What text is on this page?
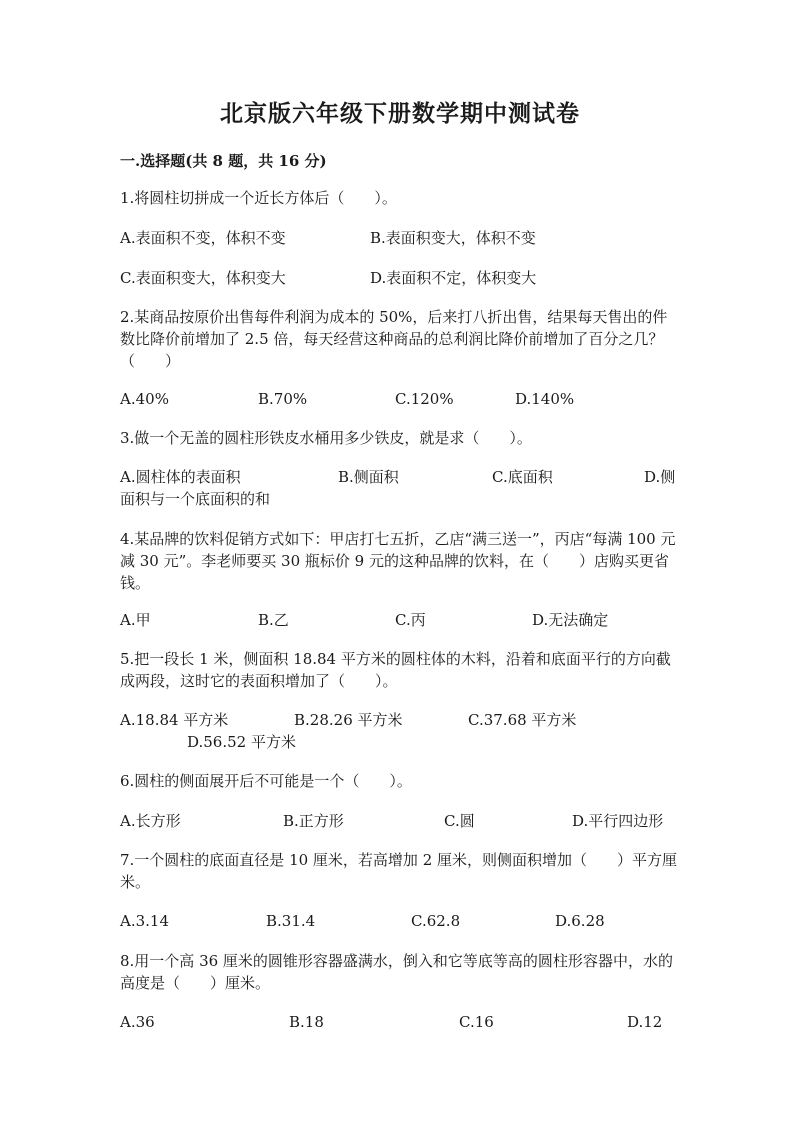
北京版六年级下册数学期中测试卷
一.选择题(共 8 题，共 16 分)
1.将圆柱切拼成一个近长方体后（　　）。
A.表面积不变，体积不变	B.表面积变大，体积不变
C.表面积变大，体积变大	D.表面积不定，体积变大
2.某商品按原价出售每件利润为成本的 50%，后来打八折出售，结果每天售出的件数比降价前增加了 2.5 倍，每天经营这种商品的总利润比降价前增加了百分之几？（　　）
A.40%	B.70%	C.120%	D.140%
3.做一个无盖的圆柱形铁皮水桶用多少铁皮，就是求（　　）。
A.圆柱体的表面积	B.侧面积	C.底面积	D.侧
面积与一个底面积的和
4.某品牌的饮料促销方式如下：甲店打七五折，乙店“满三送一”，丙店“每满 100 元减 30 元”。李老师要买 30 瓶标价 9 元的这种品牌的饮料，在（　　）店购买更省钱。
A.甲	B.乙	C.丙	D.无法确定
5.把一段长 1 米，侧面积 18.84 平方米的圆柱体的木料，沿着和底面平行的方向截成两段，这时它的表面积增加了（　　）。
A.18.84 平方米	B.28.26 平方米	C.37.68 平方米
D.56.52 平方米
6.圆柱的侧面展开后不可能是一个（　　）。
A.长方形	B.正方形	C.圆	D.平行四边形
7.一个圆柱的底面直径是 10 厘米，若高增加 2 厘米，则侧面积增加（　　）平方厘米。
A.3.14	B.31.4	C.62.8	D.6.28
8.用一个高 36 厘米的圆锥形容器盛满水，倒入和它等底等高的圆柱形容器中，水的高度是（　　）厘米。
A.36	B.18	C.16	D.12
